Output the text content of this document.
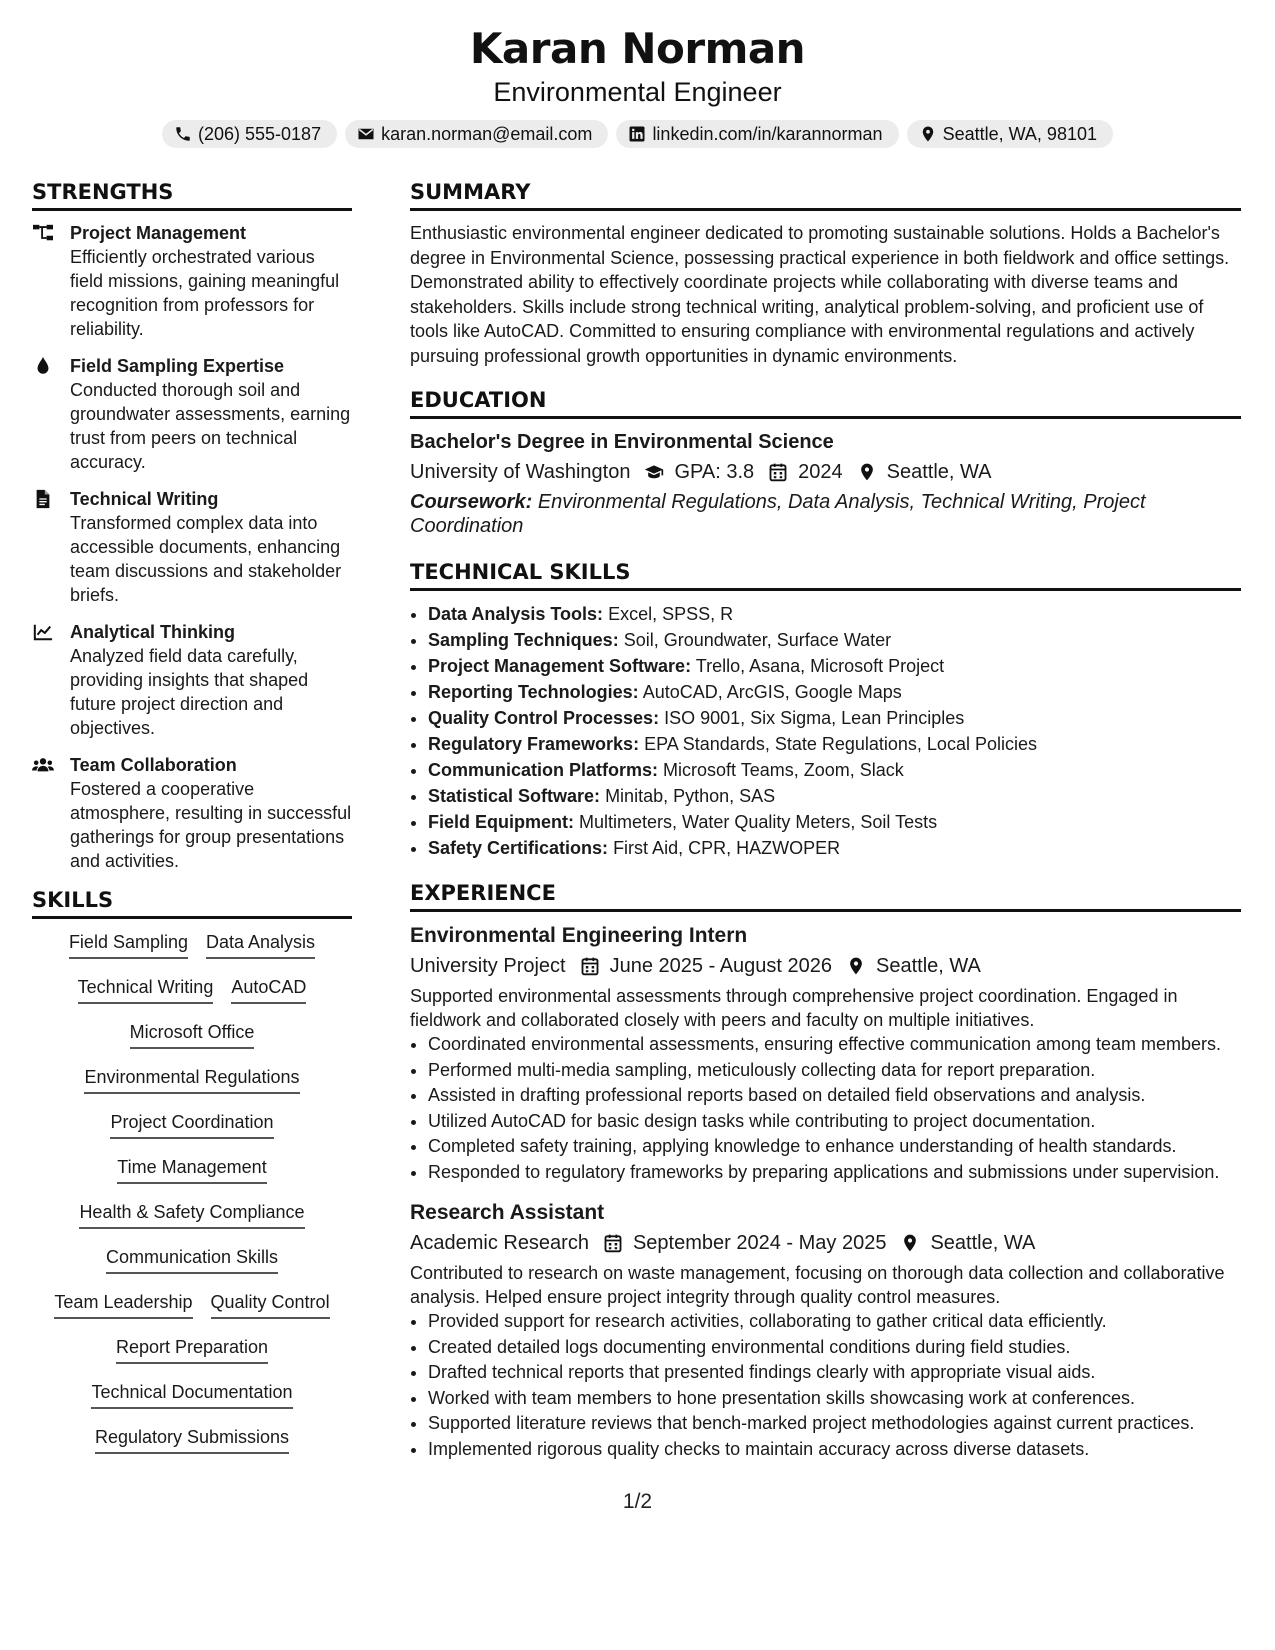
Karan Norman
Environmental Engineer
(206) 555-0187	karan.norman@email.com	linkedin.com/in/karannorman	Seattle, WA, 98101
STRENGTHS
Project Management
Efficiently orchestrated various field missions, gaining meaningful recognition from professors for reliability.
Field Sampling Expertise
Conducted thorough soil and groundwater assessments, earning trust from peers on technical accuracy.
Technical Writing
Transformed complex data into accessible documents, enhancing team discussions and stakeholder briefs.
Analytical Thinking
Analyzed field data carefully, providing insights that shaped future project direction and objectives.
Team Collaboration
Fostered a cooperative atmosphere, resulting in successful gatherings for group presentations and activities.
SKILLS
Field Sampling Data Analysis
Technical Writing AutoCAD
Microsoft Office
Environmental Regulations
Project Coordination
Time Management
Health & Safety Compliance
Communication Skills
Team Leadership Quality Control
Report Preparation
Technical Documentation
Regulatory Submissions
SUMMARY

Enthusiastic environmental engineer dedicated to promoting sustainable solutions. Holds a Bachelor's degree in Environmental Science, possessing practical experience in both fieldwork and office settings. Demonstrated ability to effectively coordinate projects while collaborating with diverse teams and stakeholders. Skills include strong technical writing, analytical problem-solving, and proficient use of tools like AutoCAD. Committed to ensuring compliance with environmental regulations and actively pursuing professional growth opportunities in dynamic environments.

EDUCATION
Bachelor's Degree in Environmental Science
University of Washington GPA: 3.8 2024 Seattle, WA
Coursework: Environmental Regulations, Data Analysis, Technical Writing, Project Coordination
TECHNICAL SKILLS
• Data Analysis Tools: Excel, SPSS, R
• Sampling Techniques: Soil, Groundwater, Surface Water
• Project Management Software: Trello, Asana, Microsoft Project
• Reporting Technologies: AutoCAD, ArcGIS, Google Maps
• Quality Control Processes: ISO 9001, Six Sigma, Lean Principles
• Regulatory Frameworks: EPA Standards, State Regulations, Local Policies
• Communication Platforms: Microsoft Teams, Zoom, Slack
• Statistical Software: Minitab, Python, SAS
• Field Equipment: Multimeters, Water Quality Meters, Soil Tests
• Safety Certifications: First Aid, CPR, HAZWOPER
EXPERIENCE
Environmental Engineering Intern
University Project June 2025 - August 2026 Seattle, WA
Supported environmental assessments through comprehensive project coordination. Engaged in fieldwork and collaborated closely with peers and faculty on multiple initiatives.
• Coordinated environmental assessments, ensuring effective communication among team members.
• Performed multi-media sampling, meticulously collecting data for report preparation.
• Assisted in drafting professional reports based on detailed field observations and analysis.
• Utilized AutoCAD for basic design tasks while contributing to project documentation.
• Completed safety training, applying knowledge to enhance understanding of health standards.
• Responded to regulatory frameworks by preparing applications and submissions under supervision.
Research Assistant
Academic Research September 2024 - May 2025 Seattle, WA
Contributed to research on waste management, focusing on thorough data collection and collaborative analysis. Helped ensure project integrity through quality control measures.
• Provided support for research activities, collaborating to gather critical data efficiently.
• Created detailed logs documenting environmental conditions during field studies.
• Drafted technical reports that presented findings clearly with appropriate visual aids.
• Worked with team members to hone presentation skills showcasing work at conferences.
• Supported literature reviews that bench-marked project methodologies against current practices.
• Implemented rigorous quality checks to maintain accuracy across diverse datasets.
1/2
